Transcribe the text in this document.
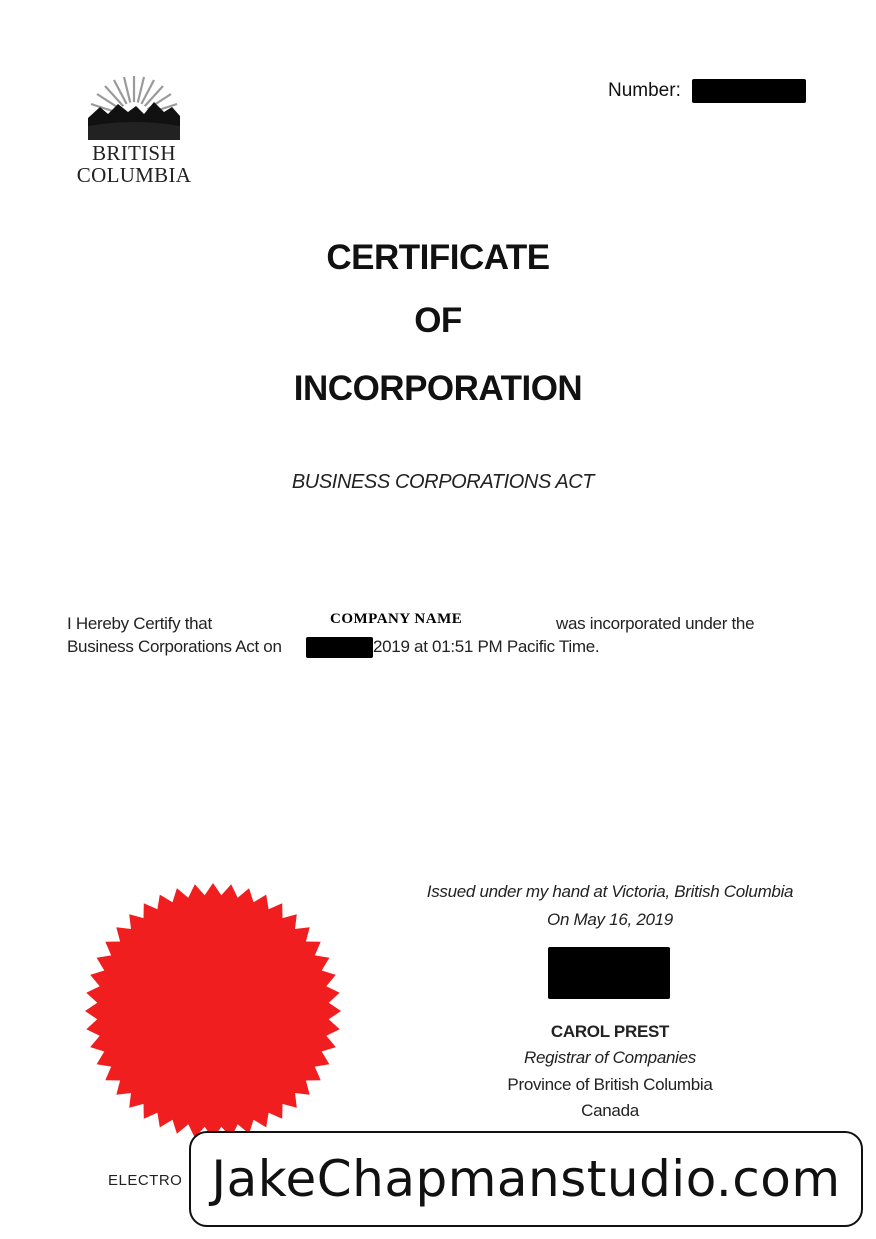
BRITISH
COLUMBIA
Number:
CERTIFICATE
OF
INCORPORATION
BUSINESS CORPORATIONS ACT
I Hereby Certify that	COMPANY NAME	was incorporated under the
Business Corporations Act on	2019 at 01:51 PM Pacific Time.
Issued under my hand at Victoria, British Columbia
On May 16, 2019
CAROL PREST
Registrar of Companies
Province of British Columbia
Canada
ELECTRO JakeChapmanstudio.com
